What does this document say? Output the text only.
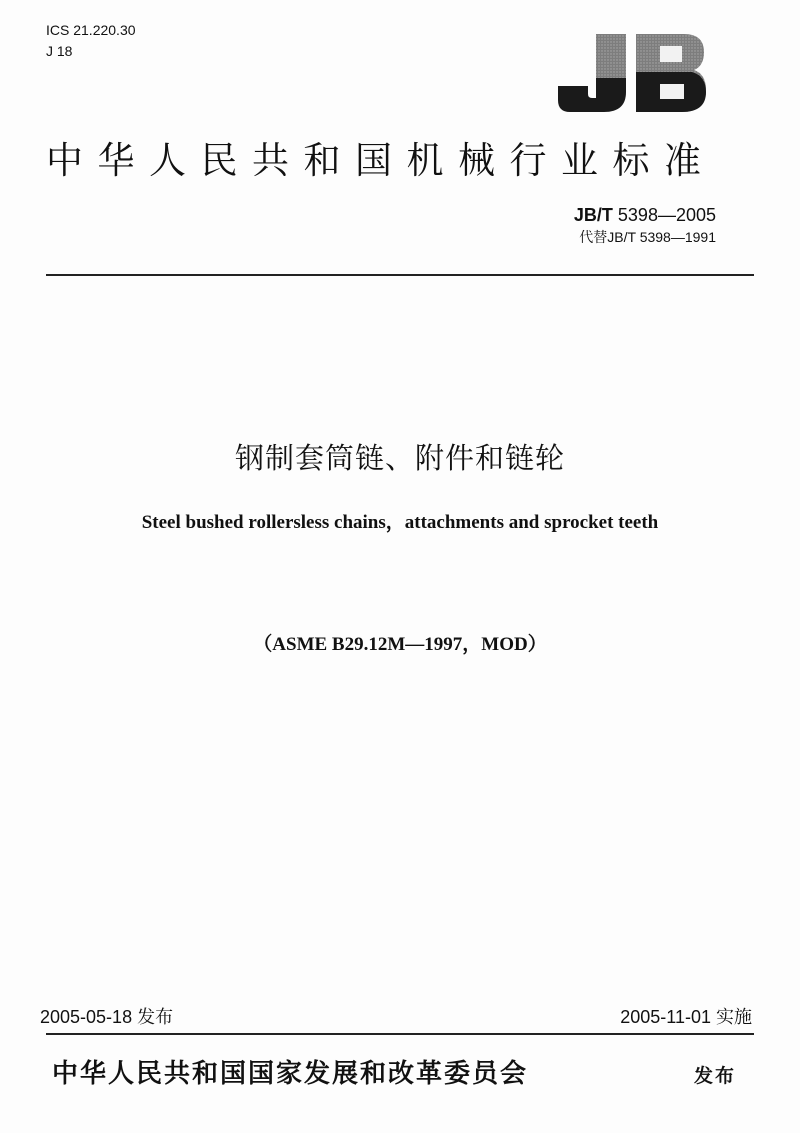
ICS 21.220.30
J 18
中华人民共和国机械行业标准
JB/T 5398—2005
代替JB/T 5398—1991
钢制套筒链、附件和链轮
Steel bushed rollersless chains，attachments and sprocket teeth
（ASME B29.12M—1997，MOD）
2005-05-18 发布	2005-11-01 实施
中华人民共和国国家发展和改革委员会	发布
